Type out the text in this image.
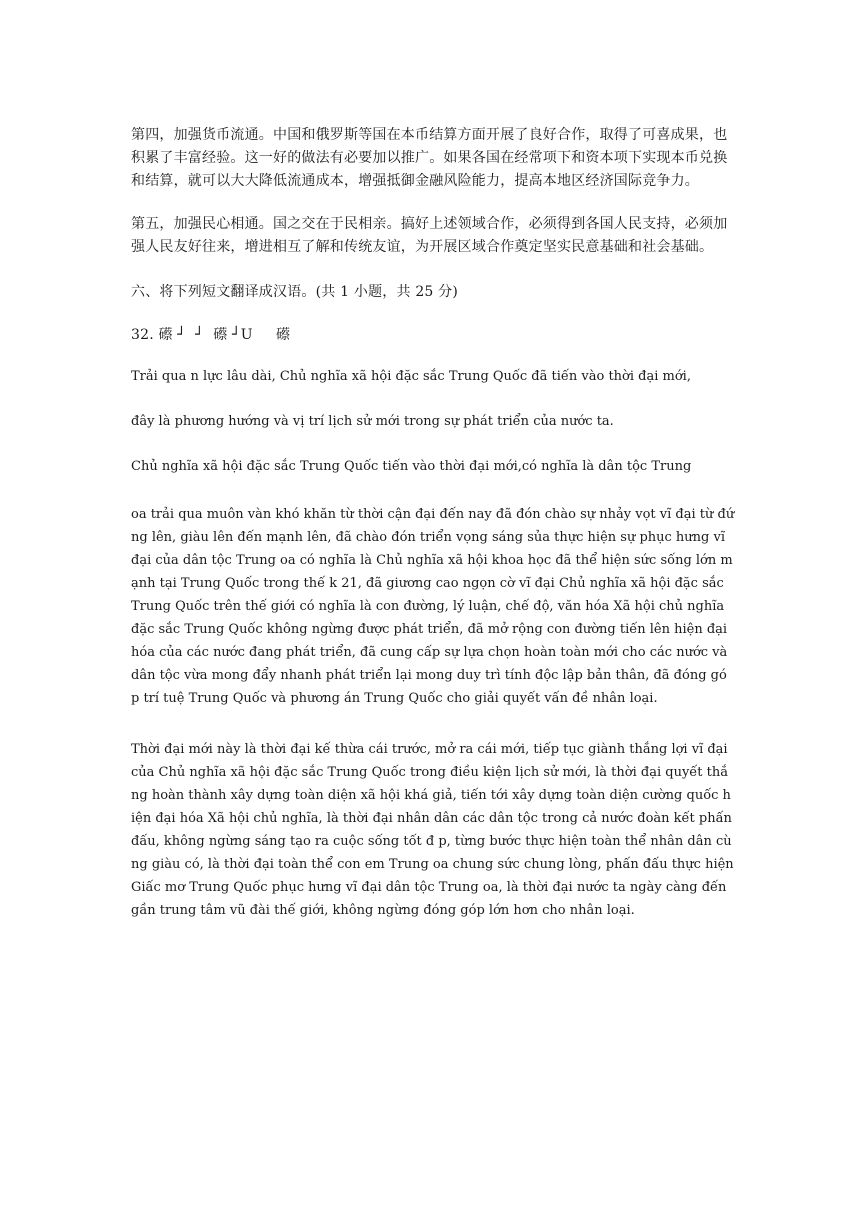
第四，加强货币流通。中国和俄罗斯等国在本币结算方面开展了良好合作，取得了可喜成果，也积累了丰富经验。这一好的做法有必要加以推广。如果各国在经常项下和资本项下实现本币兑换和结算，就可以大大降低流通成本，增强抵御金融风险能力，提高本地区经济国际竞争力。

第五，加强民心相通。国之交在于民相亲。搞好上述领域合作，必须得到各国人民支持，必须加强人民友好往来，增进相互了解和传统友谊，为开展区域合作奠定坚实民意基础和社会基础。

六、将下列短文翻译成汉语。(共 1 小题，共 25 分)

32. 礤 ┘  ┘  礤 ┘U     礤

Trải qua n lực lâu dài, Chủ nghĩa xã hội đặc sắc Trung Quốc đã tiến vào thời đại mới,

đây là phương hướng và vị trí lịch sử mới trong sự phát triển của nước ta.

Chủ nghĩa xã hội đặc sắc Trung Quốc tiến vào thời đại mới,có nghĩa là dân tộc Trung

oa trải qua muôn vàn khó khăn từ thời cận đại đến nay đã đón chào sự nhảy vọt vĩ đại từ đứng lên, giàu lên đến mạnh lên, đã chào đón triển vọng sáng sủa thực hiện sự phục hưng vĩ đại của dân tộc Trung oa có nghĩa là Chủ nghĩa xã hội khoa học đã thể hiện sức sống lớn mạnh tại Trung Quốc trong thế k 21, đã giương cao ngọn cờ vĩ đại Chủ nghĩa xã hội đặc sắc Trung Quốc trên thế giới có nghĩa là con đường, lý luận, chế độ, văn hóa Xã hội chủ nghĩa đặc sắc Trung Quốc không ngừng được phát triển, đã mở rộng con đường tiến lên hiện đại hóa của các nước đang phát triển, đã cung cấp sự lựa chọn hoàn toàn mới cho các nước và dân tộc vừa mong đẩy nhanh phát triển lại mong duy trì tính độc lập bản thân, đã đóng góp trí tuệ Trung Quốc và phương án Trung Quốc cho giải quyết vấn đề nhân loại.

Thời đại mới này là thời đại kế thừa cái trước, mở ra cái mới, tiếp tục giành thắng lợi vĩ đại của Chủ nghĩa xã hội đặc sắc Trung Quốc trong điều kiện lịch sử mới, là thời đại quyết thắng hoàn thành xây dựng toàn diện xã hội khá giả, tiến tới xây dựng toàn diện cường quốc hiện đại hóa Xã hội chủ nghĩa, là thời đại nhân dân các dân tộc trong cả nước đoàn kết phấn đấu, không ngừng sáng tạo ra cuộc sống tốt đ p, từng bước thực hiện toàn thể nhân dân cùng giàu có, là thời đại toàn thể con em Trung oa chung sức chung lòng, phấn đấu thực hiện Giấc mơ Trung Quốc phục hưng vĩ đại dân tộc Trung oa, là thời đại nước ta ngày càng đến gần trung tâm vũ đài thế giới, không ngừng đóng góp lớn hơn cho nhân loại.
